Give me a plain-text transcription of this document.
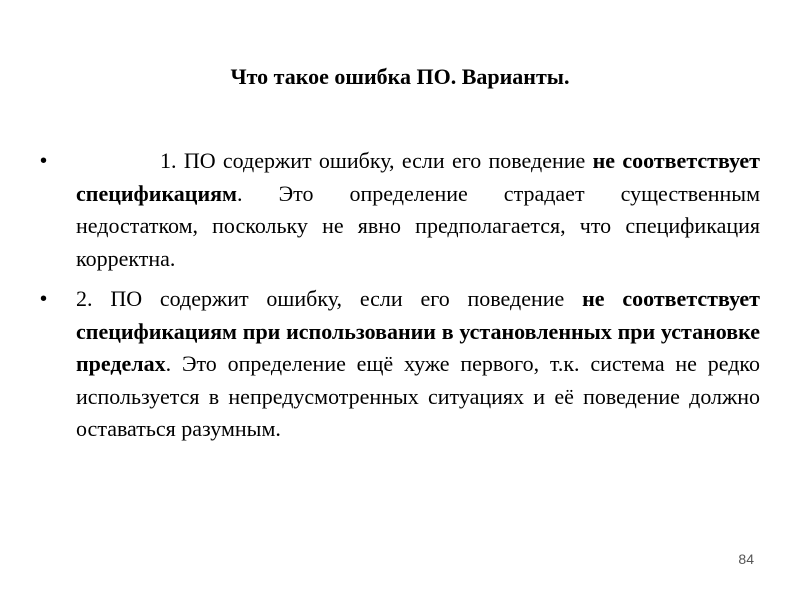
Что такое ошибка ПО. Варианты.
•	1. ПО содержит ошибку, если его поведение не соответствует спецификациям. Это определение страдает существенным недостатком, поскольку не явно предполагается, что спецификация корректна.
• 2. ПО содержит ошибку, если его поведение не соответствует спецификациям при использовании в установленных при установке пределах. Это определение ещё хуже первого, т.к. система не редко используется в непредусмотренных ситуациях и её поведение должно оставаться разумным.
84
